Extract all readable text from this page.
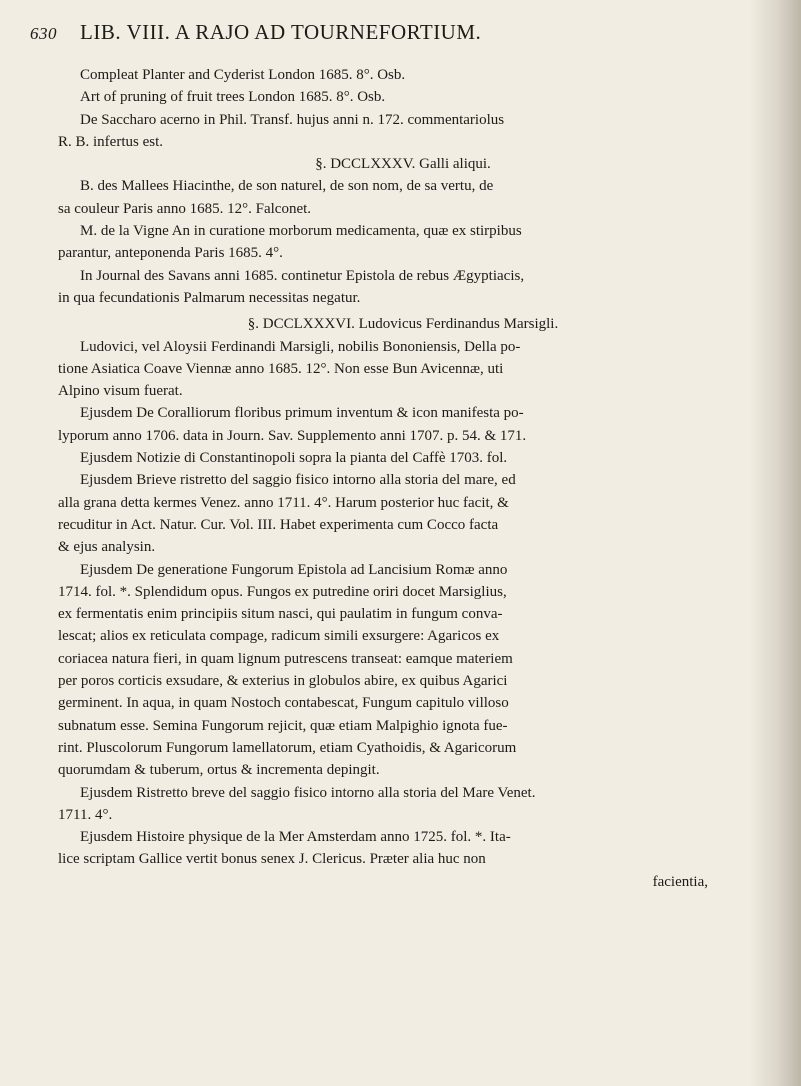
630 LIB. VIII. A RAJO AD TOURNEFORTIUM.

Compleat Planter and Cyderist London 1685. 8°. Osb.

Art of pruning of fruit trees London 1685. 8°. Osb.

De Saccharo acerno in Phil. Transf. hujus anni n. 172. commentariolus

R. B. infertus est.

§. DCCLXXXV. Galli aliqui.

B. des Mallees Hiacinthe, de son naturel, de son nom, de sa vertu, de

sa couleur Paris anno 1685. 12°. Falconet.

M. de la Vigne An in curatione morborum medicamenta, quæ ex stirpibus

parantur, anteponenda Paris 1685. 4°.

In Journal des Savans anni 1685. continetur Epistola de rebus Ægyptiacis,

in qua fecundationis Palmarum necessitas negatur.

§. DCCLXXXVI. Ludovicus Ferdinandus Marsigli.

Ludovici, vel Aloysii Ferdinandi Marsigli, nobilis Bononiensis, Della po-

tione Asiatica Coave Viennæ anno 1685. 12°. Non esse Bun Avicennæ, uti

Alpino visum fuerat.

Ejusdem De Coralliorum floribus primum inventum & icon manifesta po-

lyporum anno 1706. data in Journ. Sav. Supplemento anni 1707. p. 54. & 171.

Ejusdem Notizie di Constantinopoli sopra la pianta del Caffè 1703. fol.

Ejusdem Brieve ristretto del saggio fisico intorno alla storia del mare, ed

alla grana detta kermes Venez. anno 1711. 4°. Harum posterior huc facit, &

recuditur in Act. Natur. Cur. Vol. III. Habet experimenta cum Cocco facta

& ejus analysin.

Ejusdem De generatione Fungorum Epistola ad Lancisium Romæ anno

1714. fol. *. Splendidum opus. Fungos ex putredine oriri docet Marsiglius,

ex fermentatis enim principiis situm nasci, qui paulatim in fungum conva-

lescat; alios ex reticulata compage, radicum simili exsurgere: Agaricos ex

coriacea natura fieri, in quam lignum putrescens transeat: eamque materiem

per poros corticis exsudare, & exterius in globulos abire, ex quibus Agarici

germinent. In aqua, in quam Nostoch contabescat, Fungum capitulo villoso

subnatum esse. Semina Fungorum rejicit, quæ etiam Malpighio ignota fue-

rint. Pluscolorum Fungorum lamellatorum, etiam Cyathoidis, & Agaricorum

quorumdam & tuberum, ortus & incrementa depingit.

Ejusdem Ristretto breve del saggio fisico intorno alla storia del Mare Venet.

1711. 4°.

Ejusdem Histoire physique de la Mer Amsterdam anno 1725. fol. *. Ita-

lice scriptam Gallice vertit bonus senex J. Clericus. Præter alia huc non

facientia,
